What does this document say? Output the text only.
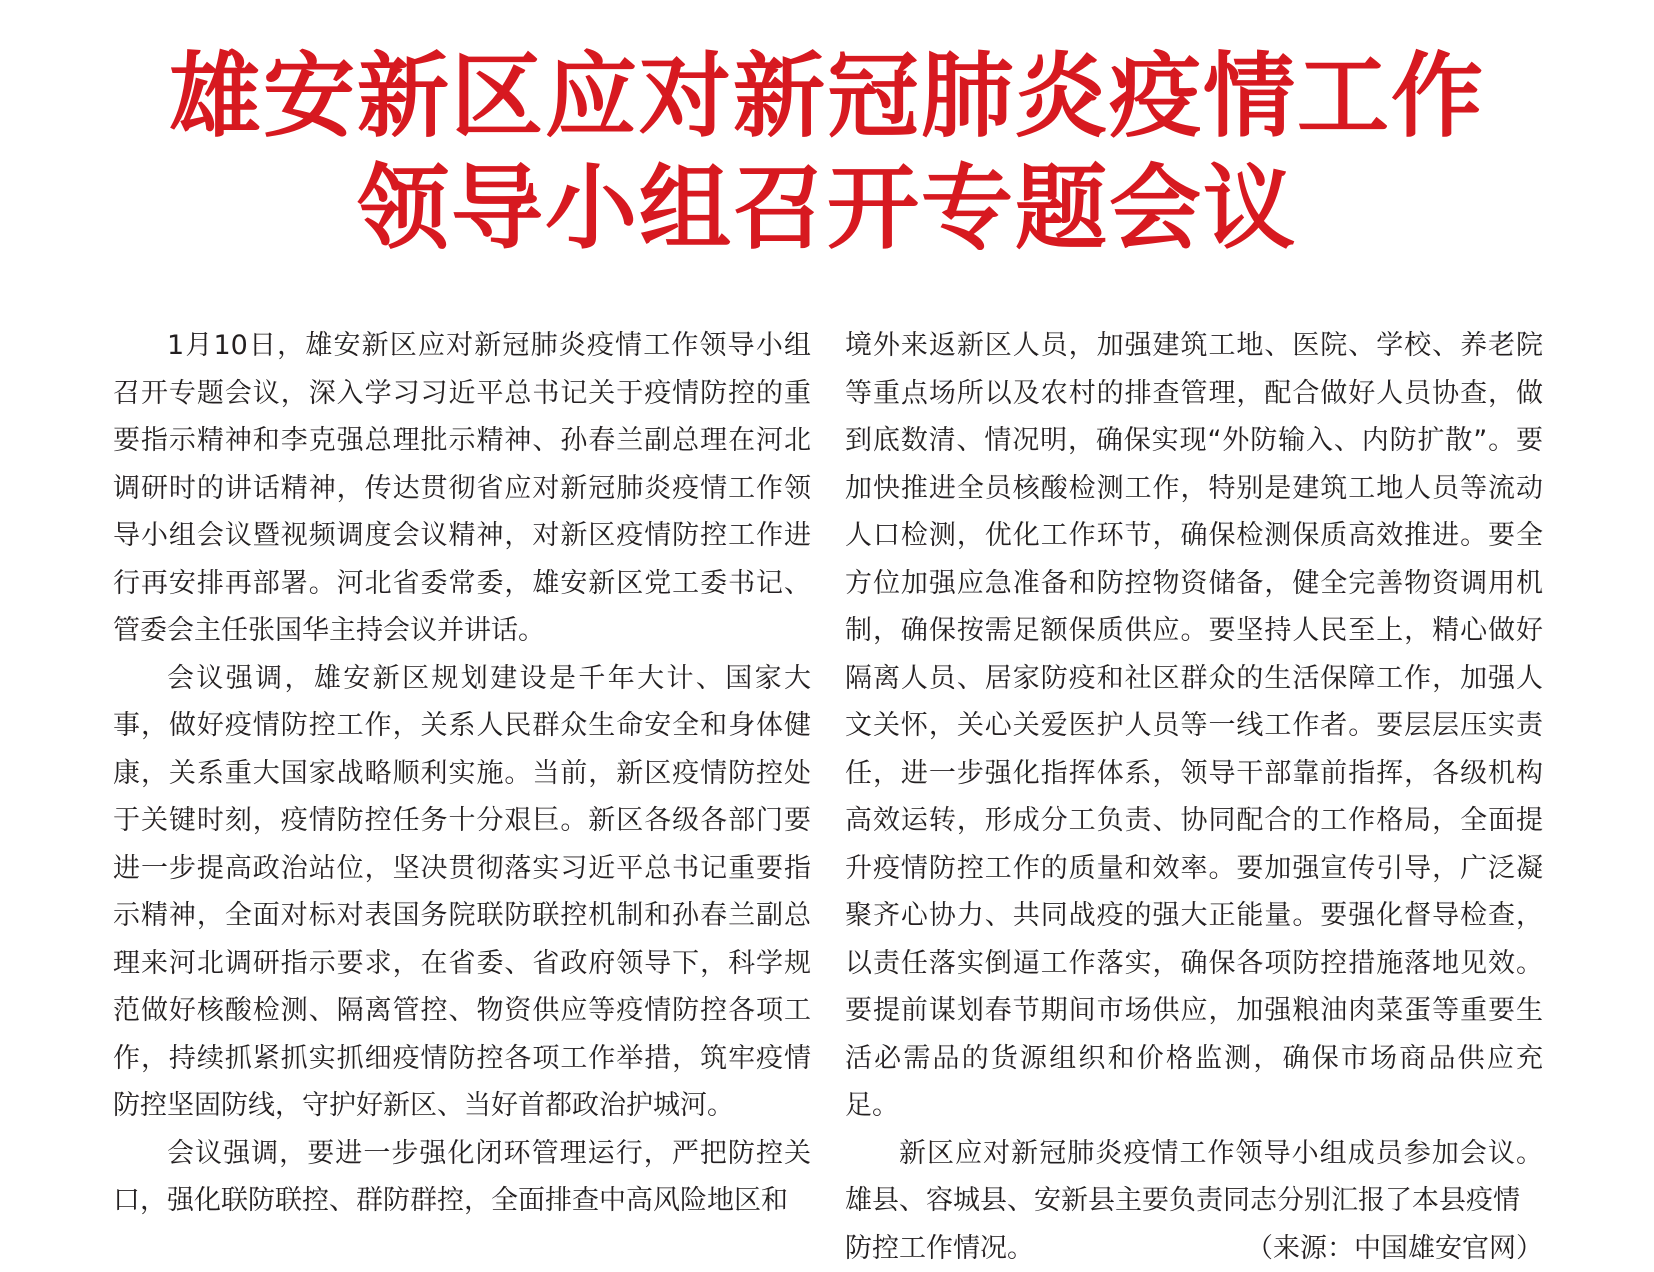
雄安新区应对新冠肺炎疫情工作
领导小组召开专题会议

1月10日，雄安新区应对新冠肺炎疫情工作领导小组召开专题会议，深入学习习近平总书记关于疫情防控的重要指示精神和李克强总理批示精神、孙春兰副总理在河北调研时的讲话精神，传达贯彻省应对新冠肺炎疫情工作领导小组会议暨视频调度会议精神，对新区疫情防控工作进行再安排再部署。河北省委常委，雄安新区党工委书记、管委会主任张国华主持会议并讲话。

会议强调，雄安新区规划建设是千年大计、国家大事，做好疫情防控工作，关系人民群众生命安全和身体健康，关系重大国家战略顺利实施。当前，新区疫情防控处于关键时刻，疫情防控任务十分艰巨。新区各级各部门要进一步提高政治站位，坚决贯彻落实习近平总书记重要指示精神，全面对标对表国务院联防联控机制和孙春兰副总理来河北调研指示要求，在省委、省政府领导下，科学规范做好核酸检测、隔离管控、物资供应等疫情防控各项工作，持续抓紧抓实抓细疫情防控各项工作举措，筑牢疫情防控坚固防线，守护好新区、当好首都政治护城河。

会议强调，要进一步强化闭环管理运行，严把防控关口，强化联防联控、群防群控，全面排查中高风险地区和

境外来返新区人员，加强建筑工地、医院、学校、养老院等重点场所以及农村的排查管理，配合做好人员协查，做到底数清、情况明，确保实现“外防输入、内防扩散”。要加快推进全员核酸检测工作，特别是建筑工地人员等流动人口检测，优化工作环节，确保检测保质高效推进。要全方位加强应急准备和防控物资储备，健全完善物资调用机制，确保按需足额保质供应。要坚持人民至上，精心做好隔离人员、居家防疫和社区群众的生活保障工作，加强人文关怀，关心关爱医护人员等一线工作者。要层层压实责任，进一步强化指挥体系，领导干部靠前指挥，各级机构高效运转，形成分工负责、协同配合的工作格局，全面提升疫情防控工作的质量和效率。要加强宣传引导，广泛凝聚齐心协力、共同战疫的强大正能量。要强化督导检查，以责任落实倒逼工作落实，确保各项防控措施落地见效。要提前谋划春节期间市场供应，加强粮油肉菜蛋等重要生活必需品的货源组织和价格监测，确保市场商品供应充足。

新区应对新冠肺炎疫情工作领导小组成员参加会议。雄县、容城县、安新县主要负责同志分别汇报了本县疫情

防控工作情况。	（来源：中国雄安官网）
